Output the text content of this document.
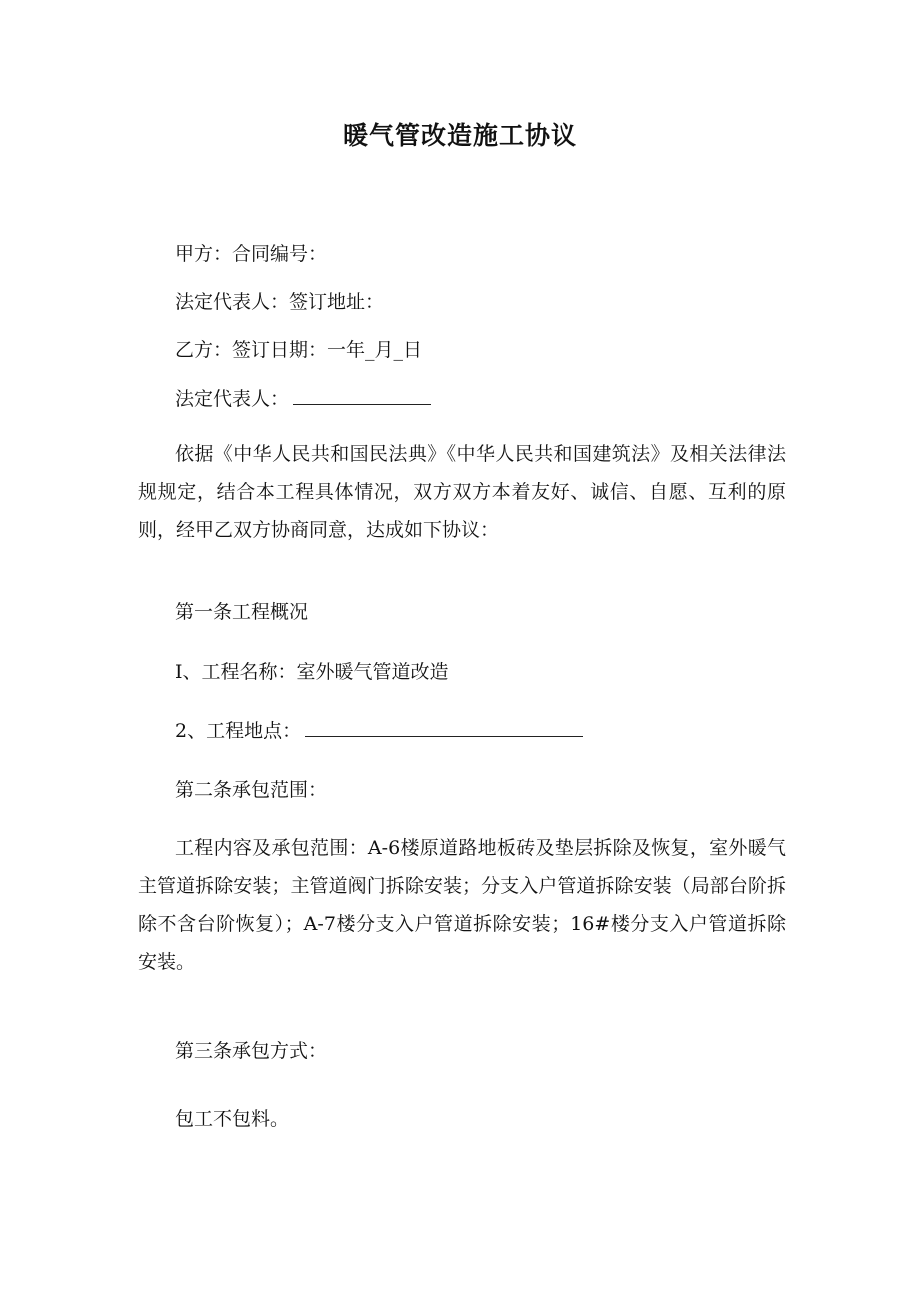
暖气管改造施工协议
甲方：合同编号：
法定代表人：签订地址：
乙方：签订日期：一年_月_日
法定代表人：

依据《中华人民共和国民法典》《中华人民共和国建筑法》及相关法律法规规定，结合本工程具体情况，双方双方本着友好、诚信、自愿、互利的原则，经甲乙双方协商同意，达成如下协议：

第一条工程概况
I、工程名称：室外暖气管道改造
2、工程地点：
第二条承包范围：

工程内容及承包范围：A-6楼原道路地板砖及垫层拆除及恢复，室外暖气主管道拆除安装；主管道阀门拆除安装；分支入户管道拆除安装（局部台阶拆除不含台阶恢复）；A-7楼分支入户管道拆除安装；16#楼分支入户管道拆除安装。

第三条承包方式：
包工不包料。
